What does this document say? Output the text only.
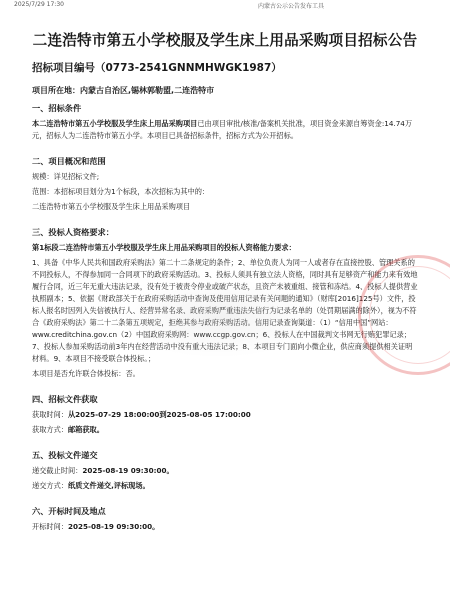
2025/7/29 17:30	内蒙古公示公告发布工具
二连浩特市第五小学校服及学生床上用品采购项目招标公告
招标项目编号（0773-2541GNNMHWGK1987）
项目所在地：内蒙古自治区,锡林郭勒盟,二连浩特市
一、招标条件
本二连浩特市第五小学校服及学生床上用品采购项目已由项目审批/核准/备案机关批准，项目资金来源自筹资金:14.74万元，招标人为二连浩特市第五小学。本项目已具备招标条件，招标方式为公开招标。
二、项目概况和范围
规模：详见招标文件;
范围：本招标项目划分为1个标段，本次招标为其中的：
二连浩特市第五小学校服及学生床上用品采购项目
三、投标人资格要求：
第1标段二连浩特市第五小学校服及学生床上用品采购项目的投标人资格能力要求：
1、具备《中华人民共和国政府采购法》第二十二条规定的条件；2、单位负责人为同一人或者存在直接控股、管理关系的不同投标人，不得参加同一合同项下的政府采购活动。3、投标人须具有独立法人资格，同时具有足够资产和能力来有效地履行合同，近三年无重大违法记录，没有处于被责令停业或破产状态，且资产未被重组、接管和冻结。4、投标人提供营业执照副本；5、依据《财政部关于在政府采购活动中查询及使用信用记录有关问题的通知》（财库[2016]125号）文件，投标人报名时因列入失信被执行人、经营异常名录、政府采购严重违法失信行为记录名单的（处罚期届满的除外），视为不符合《政府采购法》第二十二条第五项规定，拒绝其参与政府采购活动。信用记录查询渠道：（1）“信用中国”网站：www.creditchina.gov.cn（2）中国政府采购网：www.ccgp.gov.cn；6、投标人在中国裁判文书网无行贿犯罪记录；7、投标人参加采购活动前3年内在经营活动中没有重大违法记录；8、本项目专门面向小微企业，供应商须提供相关证明材料。9、本项目不接受联合体投标。；
本项目是否允许联合体投标：否。
四、招标文件获取
获取时间：从2025-07-29 18:00:00到2025-08-05 17:00:00
获取方式：邮箱获取。
五、投标文件递交
递交截止时间：2025-08-19 09:30:00。
递交方式：纸质文件递交,评标现场。
六、开标时间及地点
开标时间：2025-08-19 09:30:00。
